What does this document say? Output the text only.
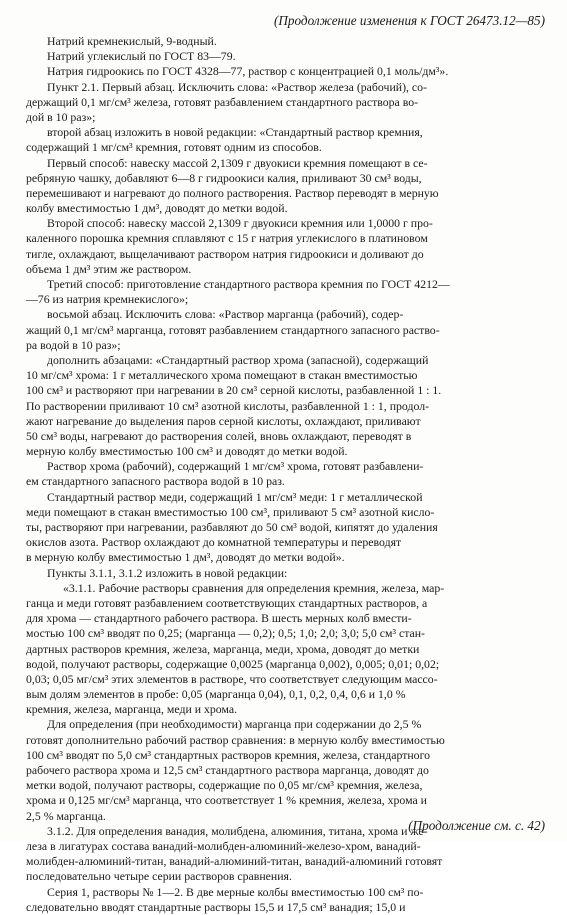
(Продолжение изменения к ГОСТ 26473.12—85)
Натрий кремнекислый, 9-водный.
Натрий углекислый по ГОСТ 83—79.
Натрия гидроокись по ГОСТ 4328—77, раствор с концентрацией 0,1 моль/дм³».
Пункт 2.1. Первый абзац. Исключить слова: «Раствор железа (рабочий), со-
держащий 0,1 мг/см³ железа, готовят разбавлением стандартного раствора во-
дой в 10 раз»;
второй абзац изложить в новой редакции: «Стандартный раствор кремния,
содержащий 1 мг/см³ кремния, готовят одним из способов.
Первый способ: навеску массой 2,1309 г двуокиси кремния помещают в се-
ребряную чашку, добавляют 6—8 г гидроокиси калия, приливают 30 см³ воды,
перемешивают и нагревают до полного растворения. Раствор переводят в мерную
колбу вместимостью 1 дм³, доводят до метки водой.
Второй способ: навеску массой 2,1309 г двуокиси кремния или 1,0000 г про-
каленного порошка кремния сплавляют с 15 г натрия углекислого в платиновом
тигле, охлаждают, выщелачивают раствором натрия гидроокиси и доливают до
объема 1 дм³ этим же раствором.
Третий способ: приготовление стандартного раствора кремния по ГОСТ 4212—
—76 из натрия кремнекислого»;
восьмой абзац. Исключить слова: «Раствор марганца (рабочий), содер-
жащий 0,1 мг/см³ марганца, готовят разбавлением стандартного запасного раство-
ра водой в 10 раз»;
дополнить абзацами: «Стандартный раствор хрома (запасной), содержащий
10 мг/см³ хрома: 1 г металлического хрома помещают в стакан вместимостью
100 см³ и растворяют при нагревании в 20 см³ серной кислоты, разбавленной 1 : 1.
По растворении приливают 10 см³ азотной кислоты, разбавленной 1 : 1, продол-
жают нагревание до выделения паров серной кислоты, охлаждают, приливают
50 см³ воды, нагревают до растворения солей, вновь охлаждают, переводят в
мерную колбу вместимостью 100 см³ и доводят до метки водой.
Раствор хрома (рабочий), содержащий 1 мг/см³ хрома, готовят разбавлени-
ем стандартного запасного раствора водой в 10 раз.
Стандартный раствор меди, содержащий 1 мг/см³ меди: 1 г металлической
меди помещают в стакан вместимостью 100 см³, приливают 5 см³ азотной кисло-
ты, растворяют при нагревании, разбавляют до 50 см³ водой, кипятят до удаления
окислов азота. Раствор охлаждают до комнатной температуры и переводят
в мерную колбу вместимостью 1 дм³, доводят до метки водой».
Пункты 3.1.1, 3.1.2 изложить в новой редакции:
«3.1.1. Рабочие растворы сравнения для определения кремния, железа, мар-
ганца и меди готовят разбавлением соответствующих стандартных растворов, а
для хрома — стандартного рабочего раствора. В шесть мерных колб вмести-
мостью 100 см³ вводят по 0,25; (марганца — 0,2); 0,5; 1,0; 2,0; 3,0; 5,0 см³ стан-
дартных растворов кремния, железа, марганца, меди, хрома, доводят до метки
водой, получают растворы, содержащие 0,0025 (марганца 0,002), 0,005; 0,01; 0,02;
0,03; 0,05 мг/см³ этих элементов в растворе, что соответствует следующим массо-
вым долям элементов в пробе: 0,05 (марганца 0,04), 0,1, 0,2, 0,4, 0,6 и 1,0 %
кремния, железа, марганца, меди и хрома.
Для определения (при необходимости) марганца при содержании до 2,5 %
готовят дополнительно рабочий раствор сравнения: в мерную колбу вместимостью
100 см³ вводят по 5,0 см³ стандартных растворов кремния, железа, стандартного
рабочего раствора хрома и 12,5 см³ стандартного раствора марганца, доводят до
метки водой, получают растворы, содержащие по 0,05 мг/см³ кремния, железа,
хрома и 0,125 мг/см³ марганца, что соответствует 1 % кремния, железа, хрома и
2,5 % марганца.
3.1.2. Для определения ванадия, молибдена, алюминия, титана, хрома и же-
леза в лигатурах состава ванадий-молибден-алюминий-железо-хром, ванадий-
молибден-алюминий-титан, ванадий-алюминий-титан, ванадий-алюминий готовят
последовательно четыре серии растворов сравнения.
Серия 1, растворы № 1—2. В две мерные колбы вместимостью 100 см³ по-
следовательно вводят стандартные растворы 15,5 и 17,5 см³ ванадия; 15,0 и
(Продолжение см. с. 42)
